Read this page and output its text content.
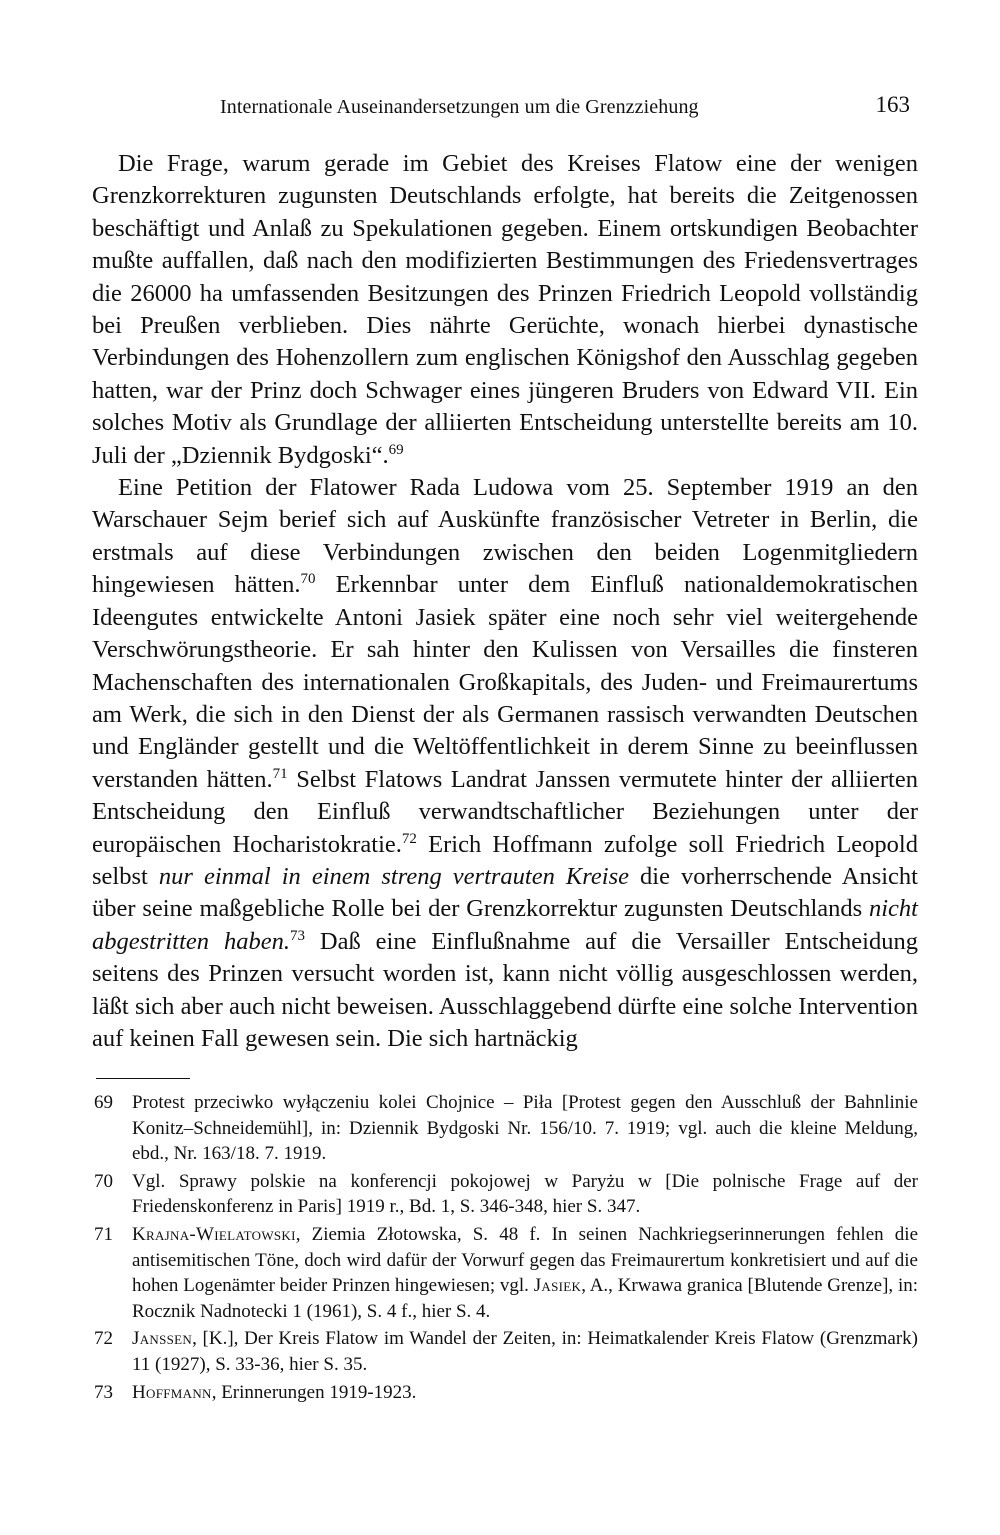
Internationale Auseinandersetzungen um die Grenzziehung	163

Die Frage, warum gerade im Gebiet des Kreises Flatow eine der wenigen Grenzkorrekturen zugunsten Deutschlands erfolgte, hat bereits die Zeitgenossen beschäftigt und Anlaß zu Spekulationen gegeben. Einem ortskundigen Beobachter mußte auffallen, daß nach den modifizierten Bestimmungen des Friedensvertrages die 26000 ha umfassenden Besitzungen des Prinzen Friedrich Leopold vollständig bei Preußen verblieben. Dies nährte Gerüchte, wonach hierbei dynastische Verbindungen des Hohenzollern zum englischen Königshof den Ausschlag gegeben hatten, war der Prinz doch Schwager eines jüngeren Bruders von Edward VII. Ein solches Motiv als Grundlage der alliierten Entscheidung unterstellte bereits am 10. Juli der „Dziennik Bydgoski“.$^{69}$

Eine Petition der Flatower Rada Ludowa vom 25. September 1919 an den Warschauer Sejm berief sich auf Auskünfte französischer Vetreter in Berlin, die erstmals auf diese Verbindungen zwischen den beiden Logenmitgliedern hingewiesen hätten.$^{70}$ Erkennbar unter dem Einfluß nationaldemokratischen Ideengutes entwickelte Antoni Jasiek später eine noch sehr viel weitergehende Verschwörungstheorie. Er sah hinter den Kulissen von Versailles die finsteren Machenschaften des internationalen Großkapitals, des Juden- und Freimaurertums am Werk, die sich in den Dienst der als Germanen rassisch verwandten Deutschen und Engländer gestellt und die Weltöffentlichkeit in derem Sinne zu beeinflussen verstanden hätten.$^{71}$ Selbst Flatows Landrat Janssen vermutete hinter der alliierten Entscheidung den Einfluß verwandtschaftlicher Beziehungen unter der europäischen Hocharistokratie.$^{72}$ Erich Hoffmann zufolge soll Friedrich Leopold selbst nur einmal in einem streng vertrauten Kreise die vorherrschende Ansicht über seine maßgebliche Rolle bei der Grenzkorrektur zugunsten Deutschlands nicht abgestritten haben.$^{73}$ Daß eine Einflußnahme auf die Versailler Entscheidung seitens des Prinzen versucht worden ist, kann nicht völlig ausgeschlossen werden, läßt sich aber auch nicht beweisen. Ausschlaggebend dürfte eine solche Intervention auf keinen Fall gewesen sein. Die sich hartnäckig

69 Protest przeciwko wyłączeniu kolei Chojnice – Piła [Protest gegen den Ausschluß der Bahnlinie Konitz–Schneidemühl], in: Dziennik Bydgoski Nr. 156/10. 7. 1919; vgl. auch die kleine Meldung, ebd., Nr. 163/18. 7. 1919.
70 Vgl. Sprawy polskie na konferencji pokojowej w Paryżu w [Die polnische Frage auf der Friedenskonferenz in Paris] 1919 r., Bd. 1, S. 346-348, hier S. 347.
71 Krajna-Wielatowski, Ziemia Złotowska, S. 48 f. In seinen Nachkriegserinnerungen fehlen die antisemitischen Töne, doch wird dafür der Vorwurf gegen das Freimaurertum konkretisiert und auf die hohen Logenämter beider Prinzen hingewiesen; vgl. Jasiek, A., Krwawa granica [Blutende Grenze], in: Rocznik Nadnotecki 1 (1961), S. 4 f., hier S. 4.
72 Janssen, [K.], Der Kreis Flatow im Wandel der Zeiten, in: Heimatkalender Kreis Flatow (Grenzmark) 11 (1927), S. 33-36, hier S. 35.
73 Hoffmann, Erinnerungen 1919-1923.
